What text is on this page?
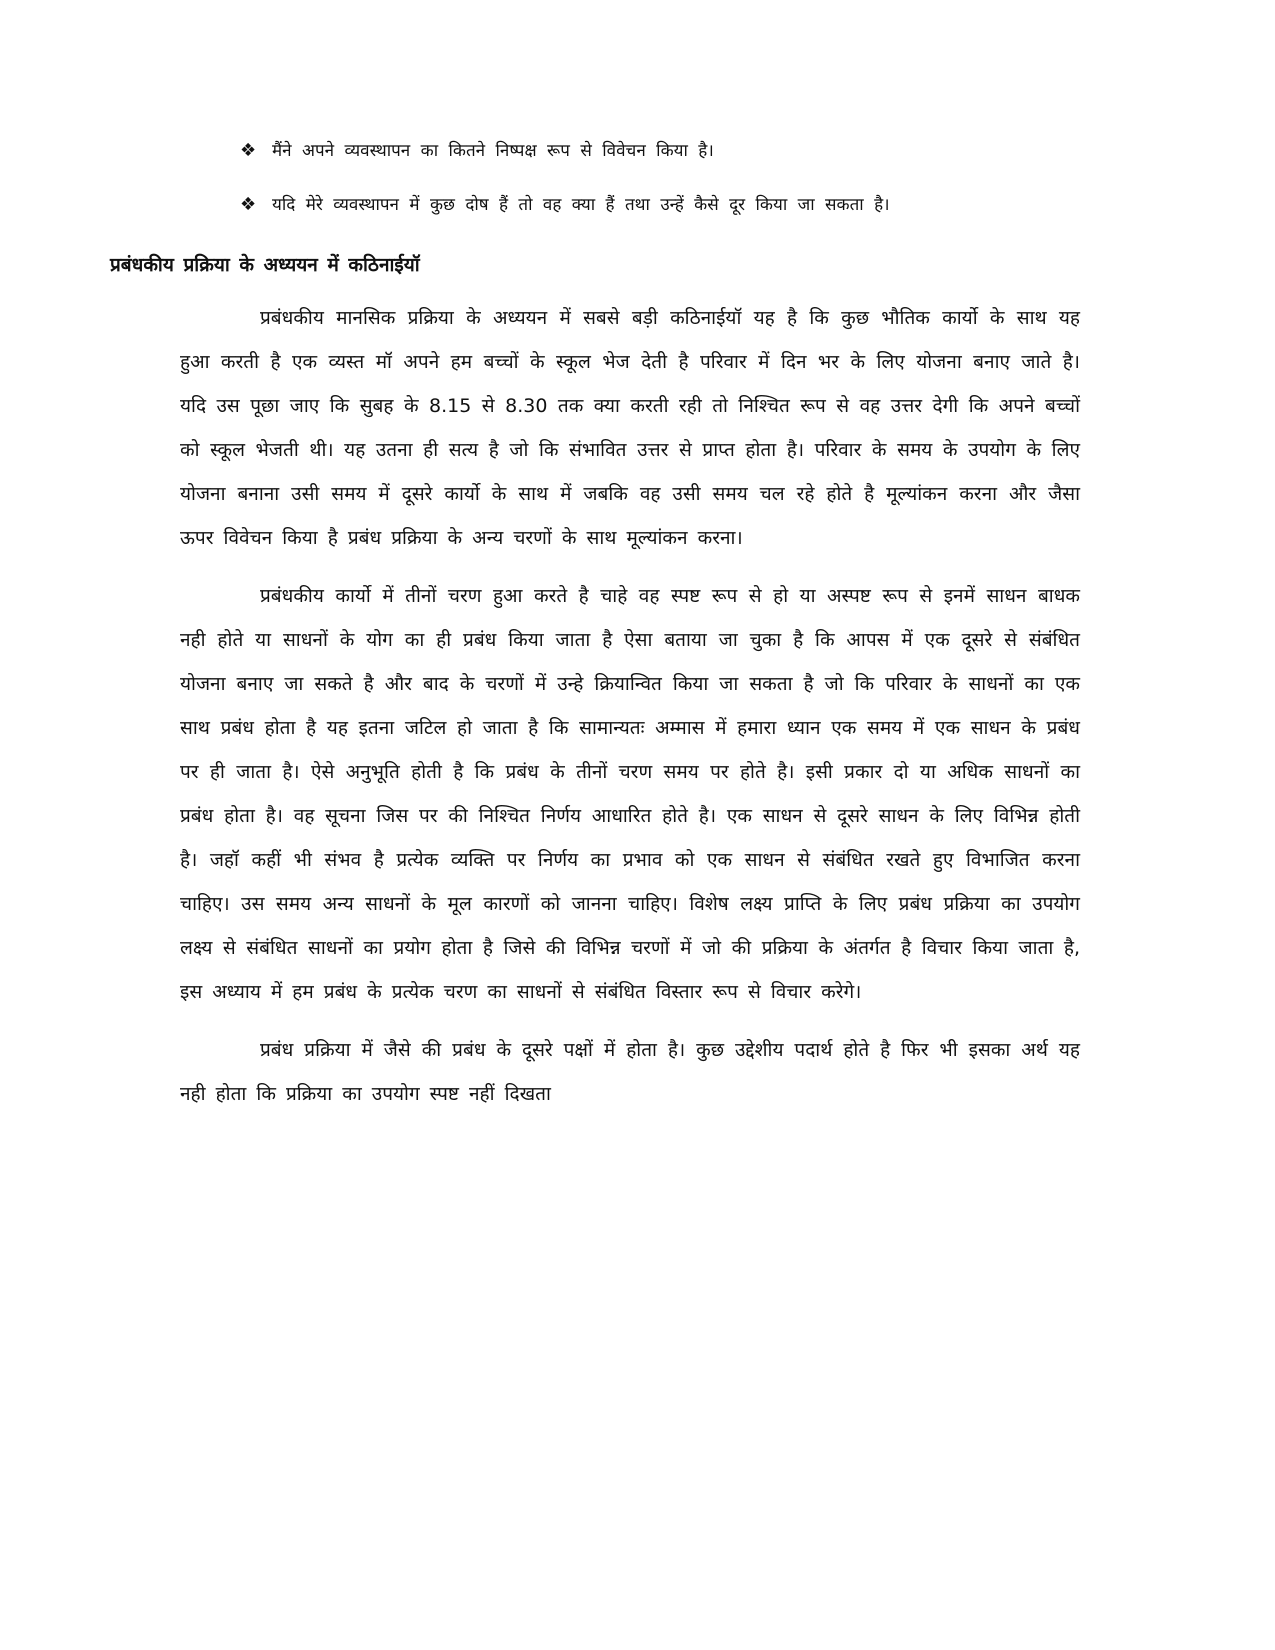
❖ मैंने अपने व्यवस्थापन का कितने निष्पक्ष रूप से विवेचन किया है।
❖ यदि मेरे व्यवस्थापन में कुछ दोष हैं तो वह क्या हैं तथा उन्हें कैसे दूर किया जा सकता है।
प्रबंधकीय प्रक्रिया के अध्ययन में कठिनाईयॉ

प्रबंधकीय मानसिक प्रक्रिया के अध्ययन में सबसे बड़ी कठिनाईयॉ यह है कि कुछ भौतिक कार्यो के साथ यह हुआ करती है एक व्यस्त मॉ अपने हम बच्चों के स्कूल भेज देती है परिवार में दिन भर के लिए योजना बनाए जाते है। यदि उस पूछा जाए कि सुबह के 8.15 से 8.30 तक क्या करती रही तो निश्चित रूप से वह उत्तर देगी कि अपने बच्चों को स्कूल भेजती थी। यह उतना ही सत्य है जो कि संभावित उत्तर से प्राप्त होता है। परिवार के समय के उपयोग के लिए योजना बनाना उसी समय में दूसरे कार्यो के साथ में जबकि वह उसी समय चल रहे होते है मूल्यांकन करना और जैसा ऊपर विवेचन किया है प्रबंध प्रक्रिया के अन्य चरणों के साथ मूल्यांकन करना।

प्रबंधकीय कार्यो में तीनों चरण हुआ करते है चाहे वह स्पष्ट रूप से हो या अस्पष्ट रूप से इनमें साधन बाधक नही होते या साधनों के योग का ही प्रबंध किया जाता है ऐसा बताया जा चुका है कि आपस में एक दूसरे से संबंधित योजना बनाए जा सकते है और बाद के चरणों में उन्हे क्रियान्वित किया जा सकता है जो कि परिवार के साधनों का एक साथ प्रबंध होता है यह इतना जटिल हो जाता है कि सामान्यतः अम्मास में हमारा ध्यान एक समय में एक साधन के प्रबंध पर ही जाता है। ऐसे अनुभूति होती है कि प्रबंध के तीनों चरण समय पर होते है। इसी प्रकार दो या अधिक साधनों का प्रबंध होता है। वह सूचना जिस पर की निश्चित निर्णय आधारित होते है। एक साधन से दूसरे साधन के लिए विभिन्न होती है। जहॉ कहीं भी संभव है प्रत्येक व्यक्ति पर निर्णय का प्रभाव को एक साधन से संबंधित रखते हुए विभाजित करना चाहिए। उस समय अन्य साधनों के मूल कारणों को जानना चाहिए। विशेष लक्ष्य प्राप्ति के लिए प्रबंध प्रक्रिया का उपयोग लक्ष्य से संबंधित साधनों का प्रयोग होता है जिसे की विभिन्न चरणों में जो की प्रक्रिया के अंतर्गत है विचार किया जाता है, इस अध्याय में हम प्रबंध के प्रत्येक चरण का साधनों से संबंधित विस्तार रूप से विचार करेगे।

प्रबंध प्रक्रिया में जैसे की प्रबंध के दूसरे पक्षों में होता है। कुछ उद्देशीय पदार्थ होते है फिर भी इसका अर्थ यह नही होता कि प्रक्रिया का उपयोग स्पष्ट नहीं दिखता
